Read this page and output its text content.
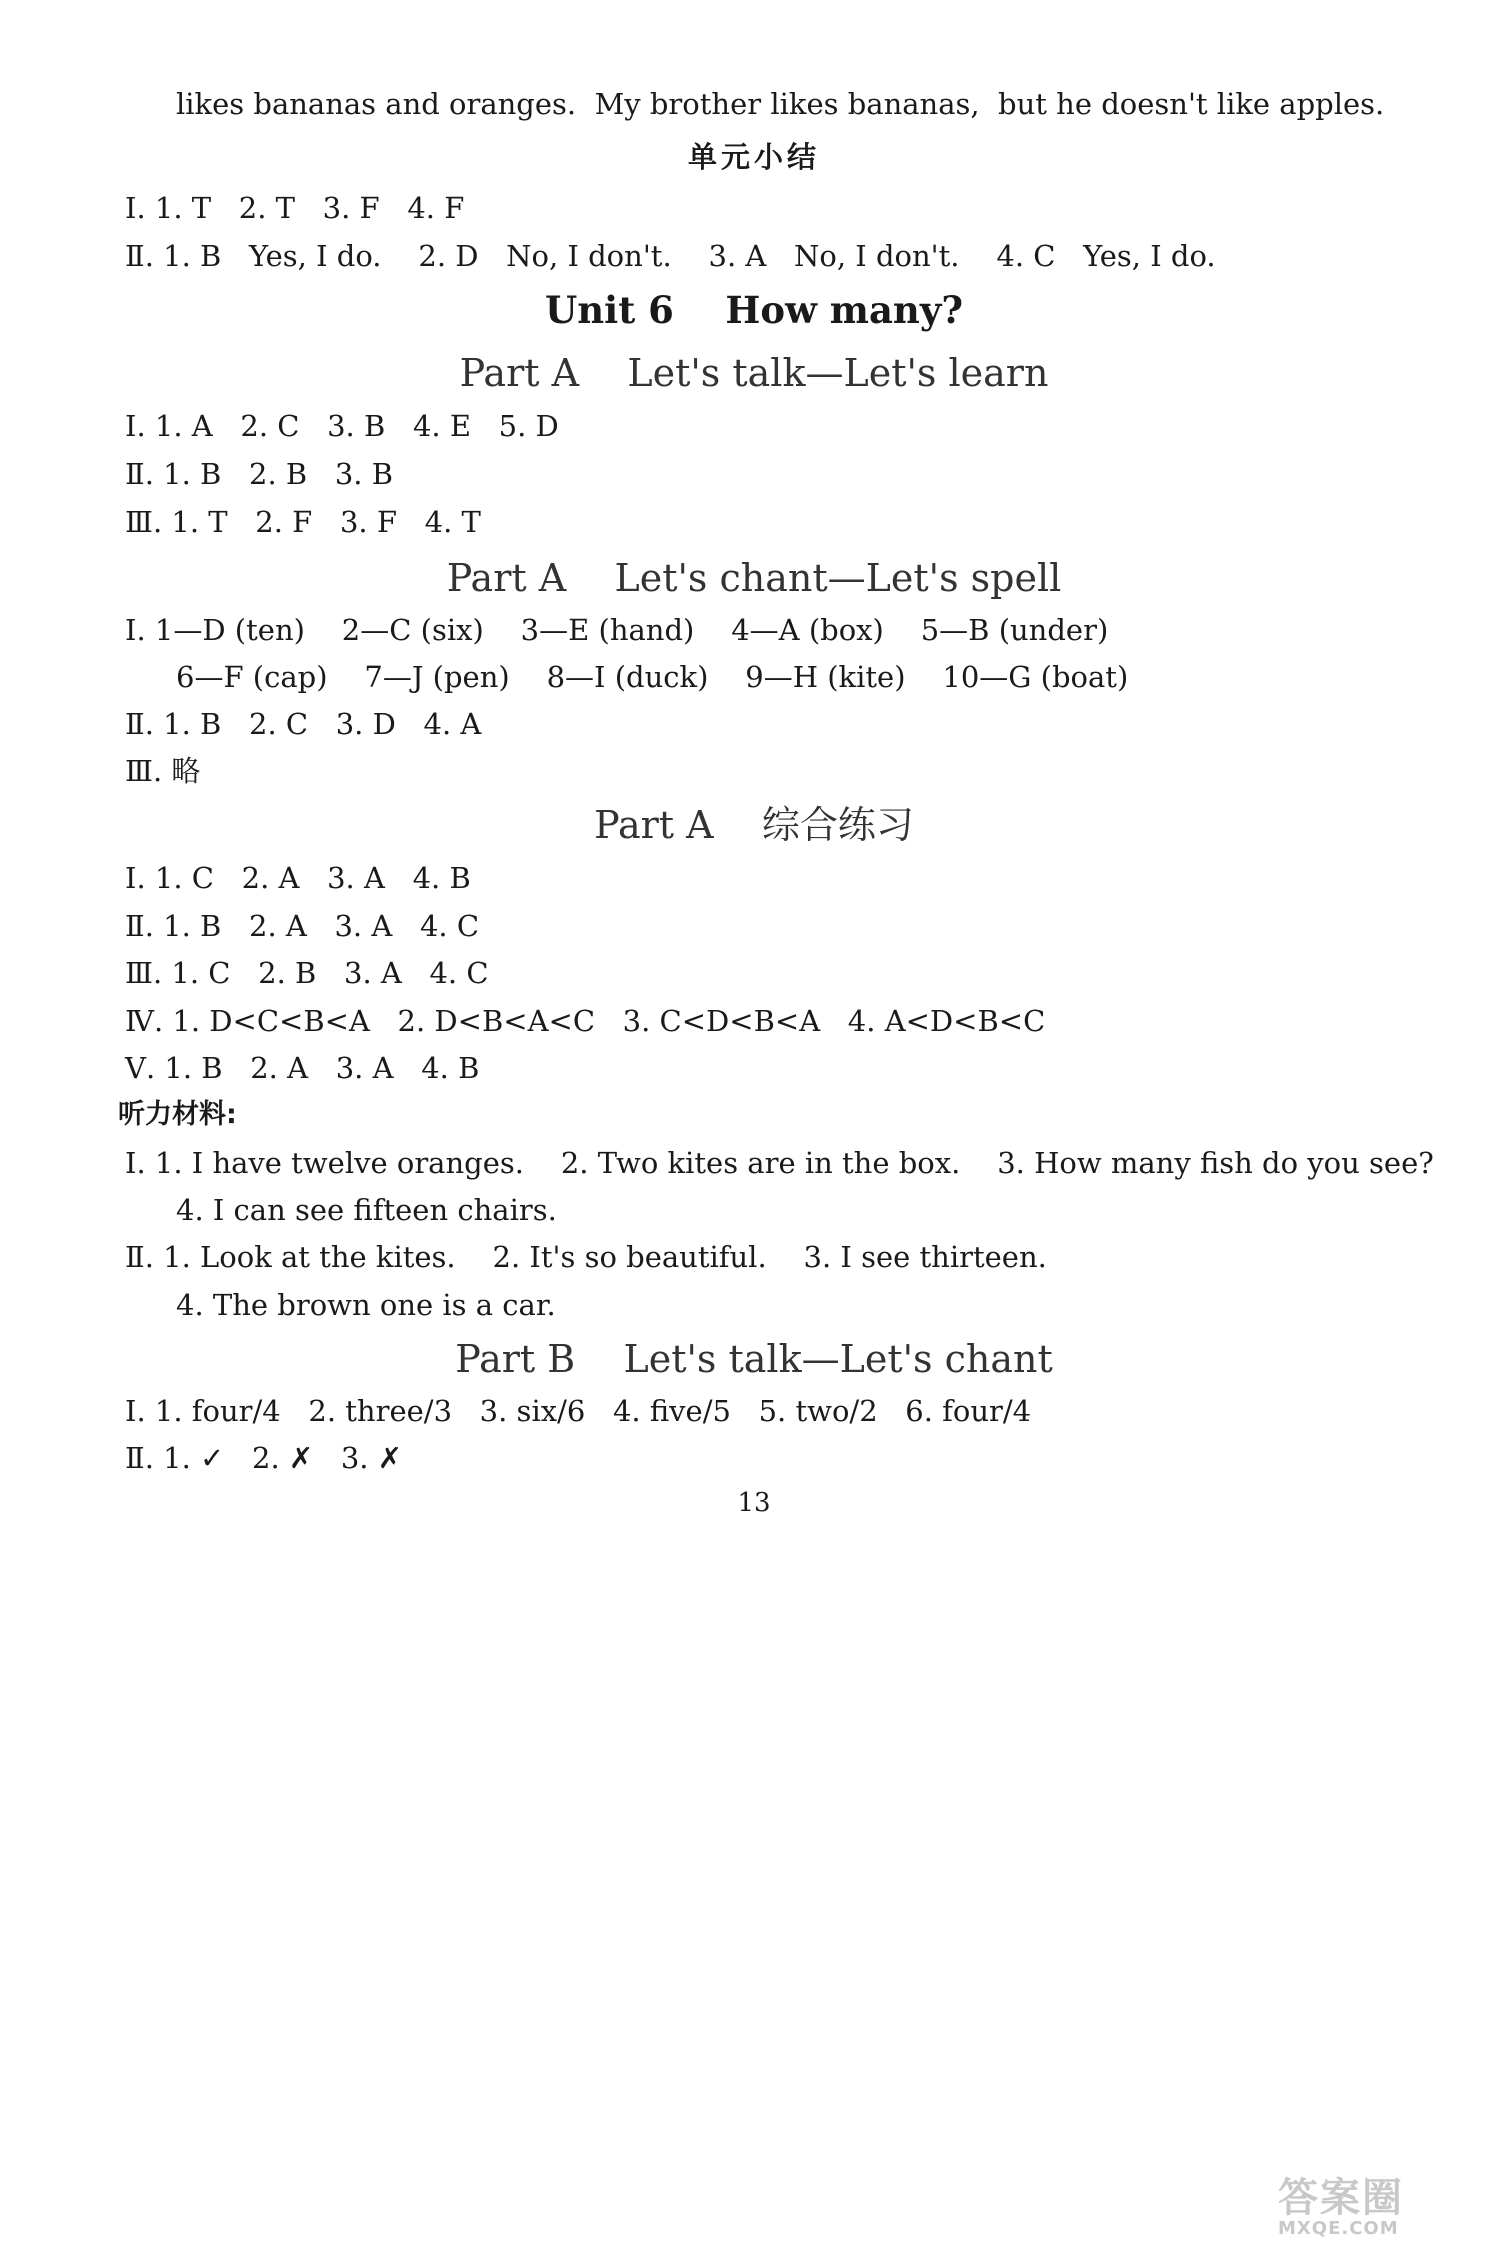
likes bananas and oranges.  My brother likes bananas,  but he doesn't like apples.
单元小结
Ⅰ. 1. T   2. T   3. F   4. F
Ⅱ. 1. B   Yes, I do.    2. D   No, I don't.    3. A   No, I don't.    4. C   Yes, I do.
Unit 6    How many?
Part A    Let's talk—Let's learn
Ⅰ. 1. A   2. C   3. B   4. E   5. D
Ⅱ. 1. B   2. B   3. B
Ⅲ. 1. T   2. F   3. F   4. T
Part A    Let's chant—Let's spell
Ⅰ. 1—D (ten)    2—C (six)    3—E (hand)    4—A (box)    5—B (under)
6—F (cap)    7—J (pen)    8—I (duck)    9—H (kite)    10—G (boat)
Ⅱ. 1. B   2. C   3. D   4. A
Ⅲ. 略
Part A    综合练习
Ⅰ. 1. C   2. A   3. A   4. B
Ⅱ. 1. B   2. A   3. A   4. C
Ⅲ. 1. C   2. B   3. A   4. C
Ⅳ. 1. D<C<B<A   2. D<B<A<C   3. C<D<B<A   4. A<D<B<C
Ⅴ. 1. B   2. A   3. A   4. B
听力材料:
Ⅰ. 1. I have twelve oranges.    2. Two kites are in the box.    3. How many fish do you see?
4. I can see fifteen chairs.
Ⅱ. 1. Look at the kites.    2. It's so beautiful.    3. I see thirteen.
4. The brown one is a car.
Part B    Let's talk—Let's chant
Ⅰ. 1. four/4   2. three/3   3. six/6   4. five/5   5. two/2   6. four/4
Ⅱ. 1. ✓   2. ✗   3. ✗
13
答案圈
MXQE.COM
